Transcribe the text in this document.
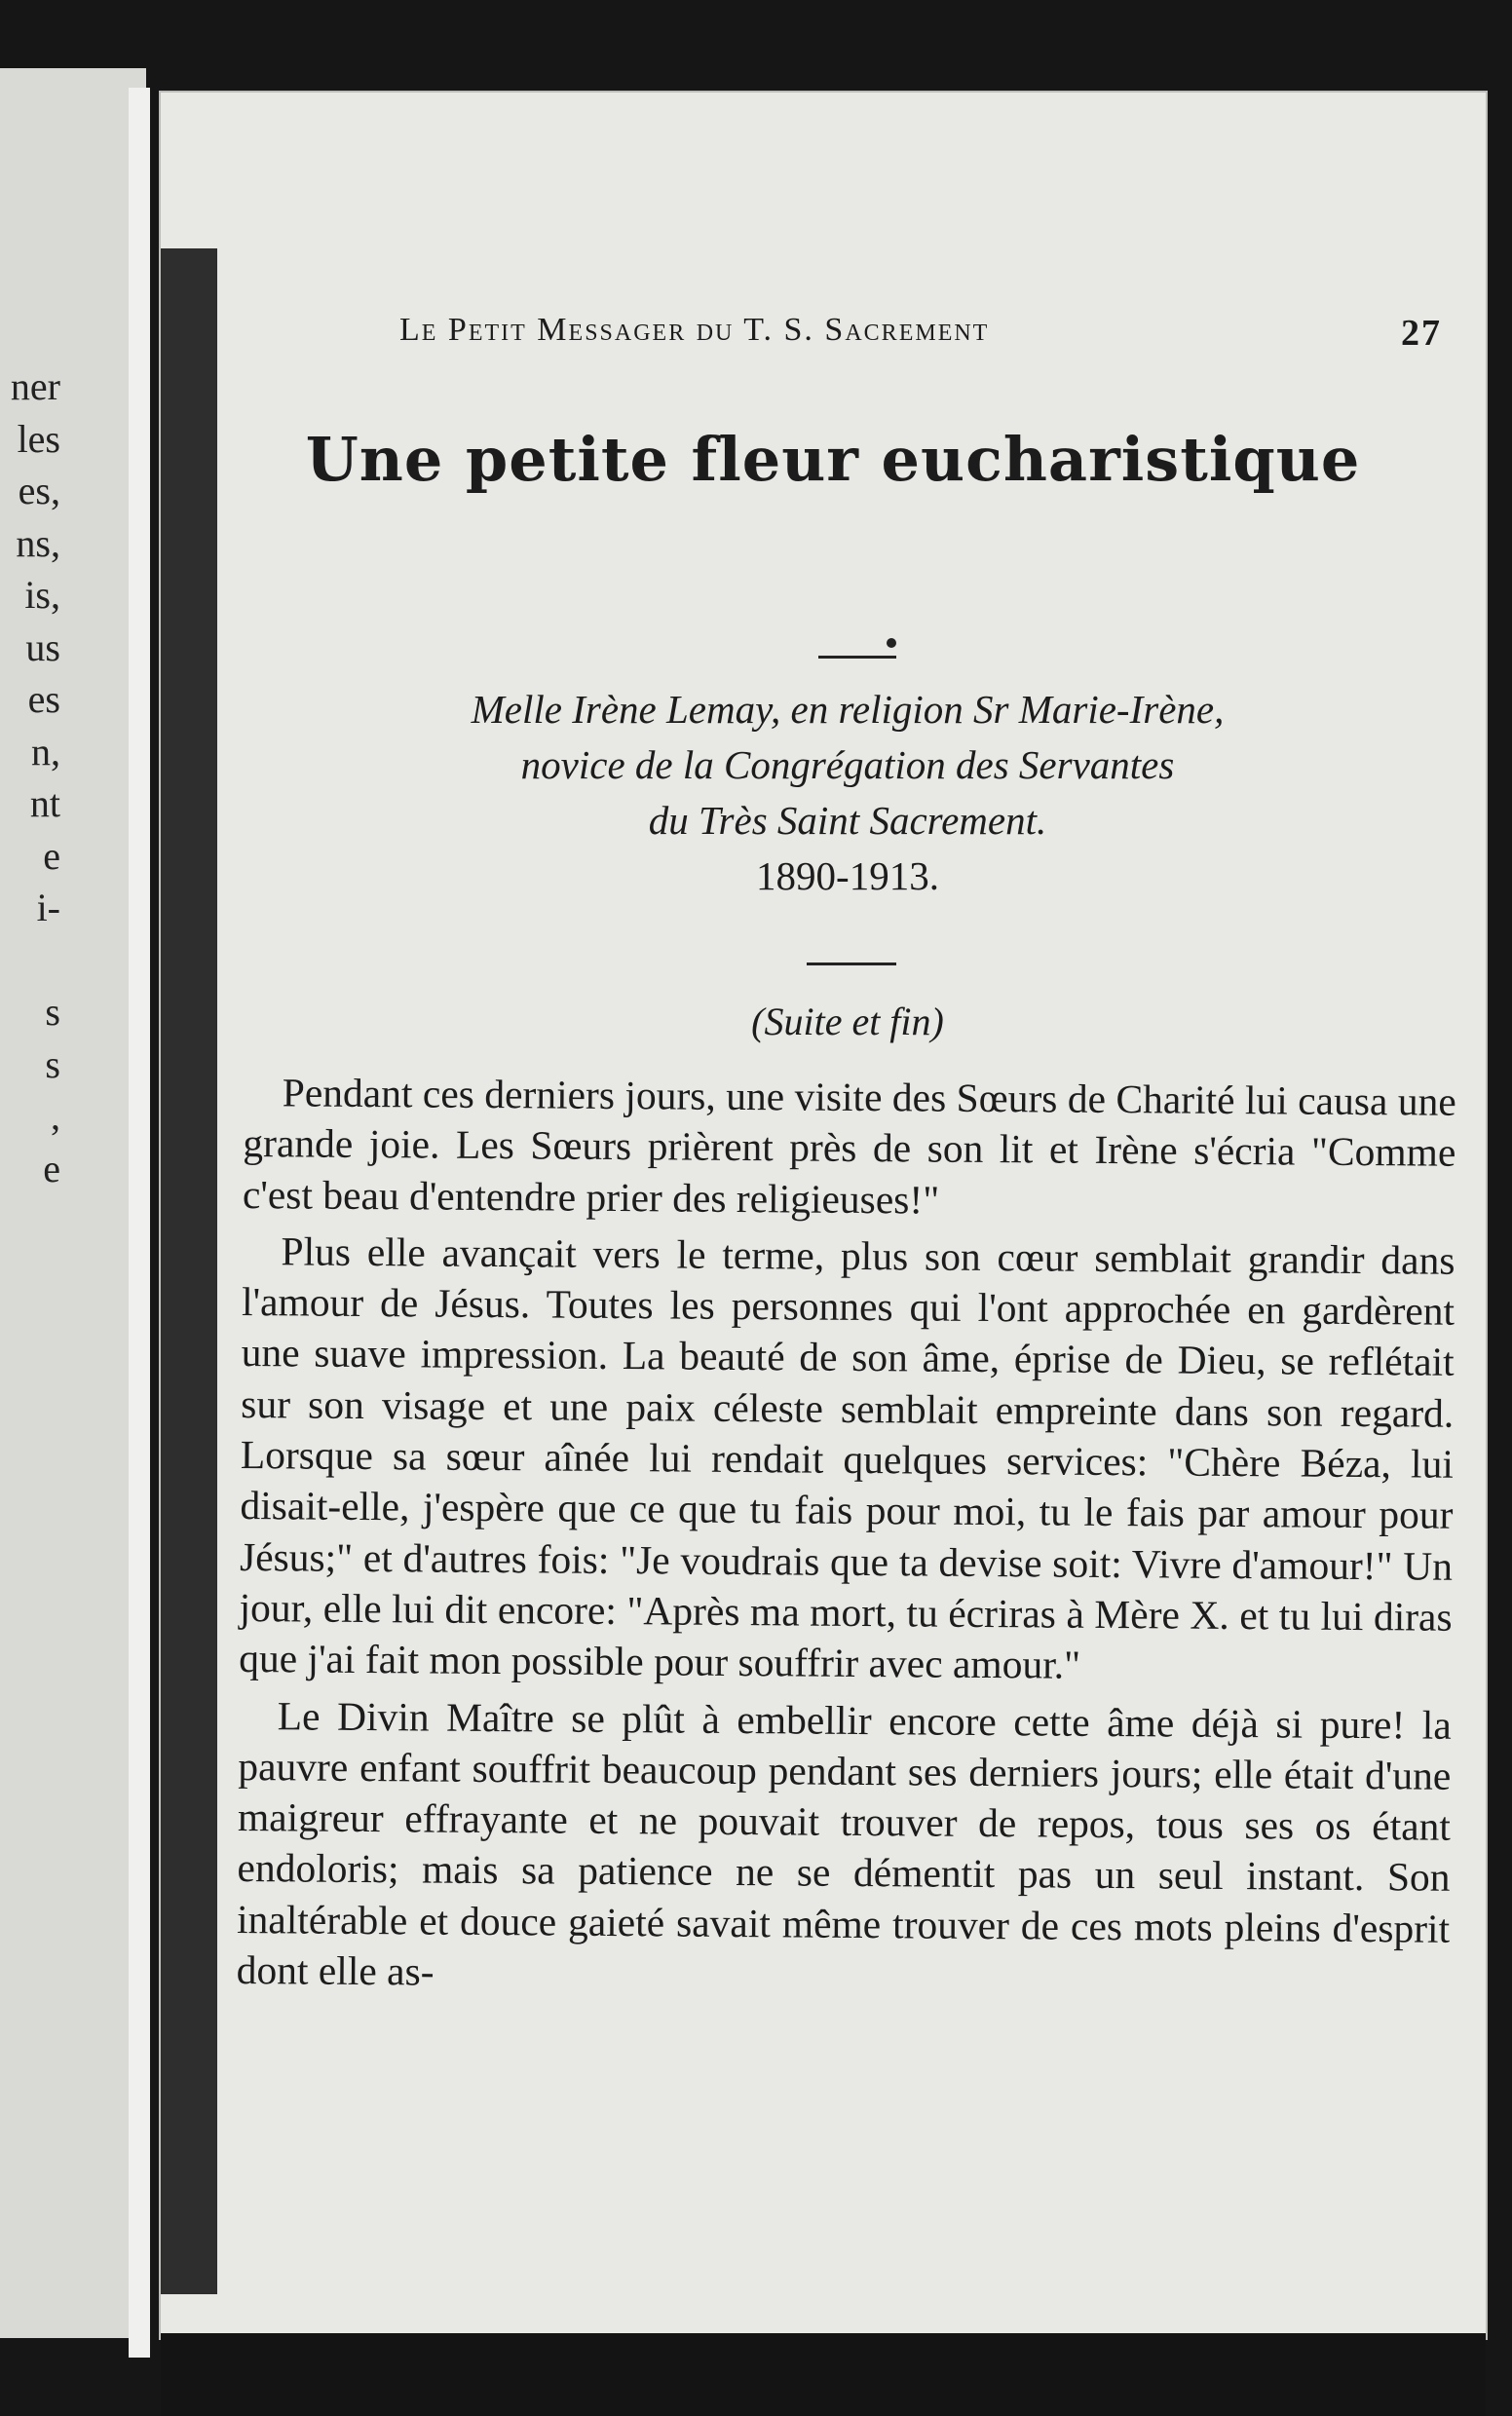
ner
les
es,
ns,
is,
us
es
n,
nt
e
i-
s
s
,
e
Le Petit Messager du T. S. Sacrement	27
Une petite fleur eucharistique
Melle Irène Lemay, en religion Sr Marie-Irène,
novice de la Congrégation des Servantes
du Très Saint Sacrement.
1890-1913.
(Suite et fin)

Pendant ces derniers jours, une visite des Sœurs de Charité lui causa une grande joie. Les Sœurs prièrent près de son lit et Irène s'écria "Comme c'est beau d'entendre prier des religieuses!"

Plus elle avançait vers le terme, plus son cœur semblait grandir dans l'amour de Jésus. Toutes les personnes qui l'ont approchée en gardèrent une suave impression. La beauté de son âme, éprise de Dieu, se reflétait sur son visage et une paix céleste semblait empreinte dans son regard. Lorsque sa sœur aînée lui rendait quelques services: "Chère Béza, lui disait-elle, j'espère que ce que tu fais pour moi, tu le fais par amour pour Jésus;" et d'autres fois: "Je voudrais que ta devise soit: Vivre d'amour!" Un jour, elle lui dit encore: "Après ma mort, tu écriras à Mère X. et tu lui diras que j'ai fait mon possible pour souffrir avec amour."

Le Divin Maître se plût à embellir encore cette âme déjà si pure! la pauvre enfant souffrit beaucoup pendant ses derniers jours; elle était d'une maigreur effrayante et ne pouvait trouver de repos, tous ses os étant endoloris; mais sa patience ne se démentit pas un seul instant. Son inaltérable et douce gaieté savait même trouver de ces mots pleins d'esprit dont elle as-
